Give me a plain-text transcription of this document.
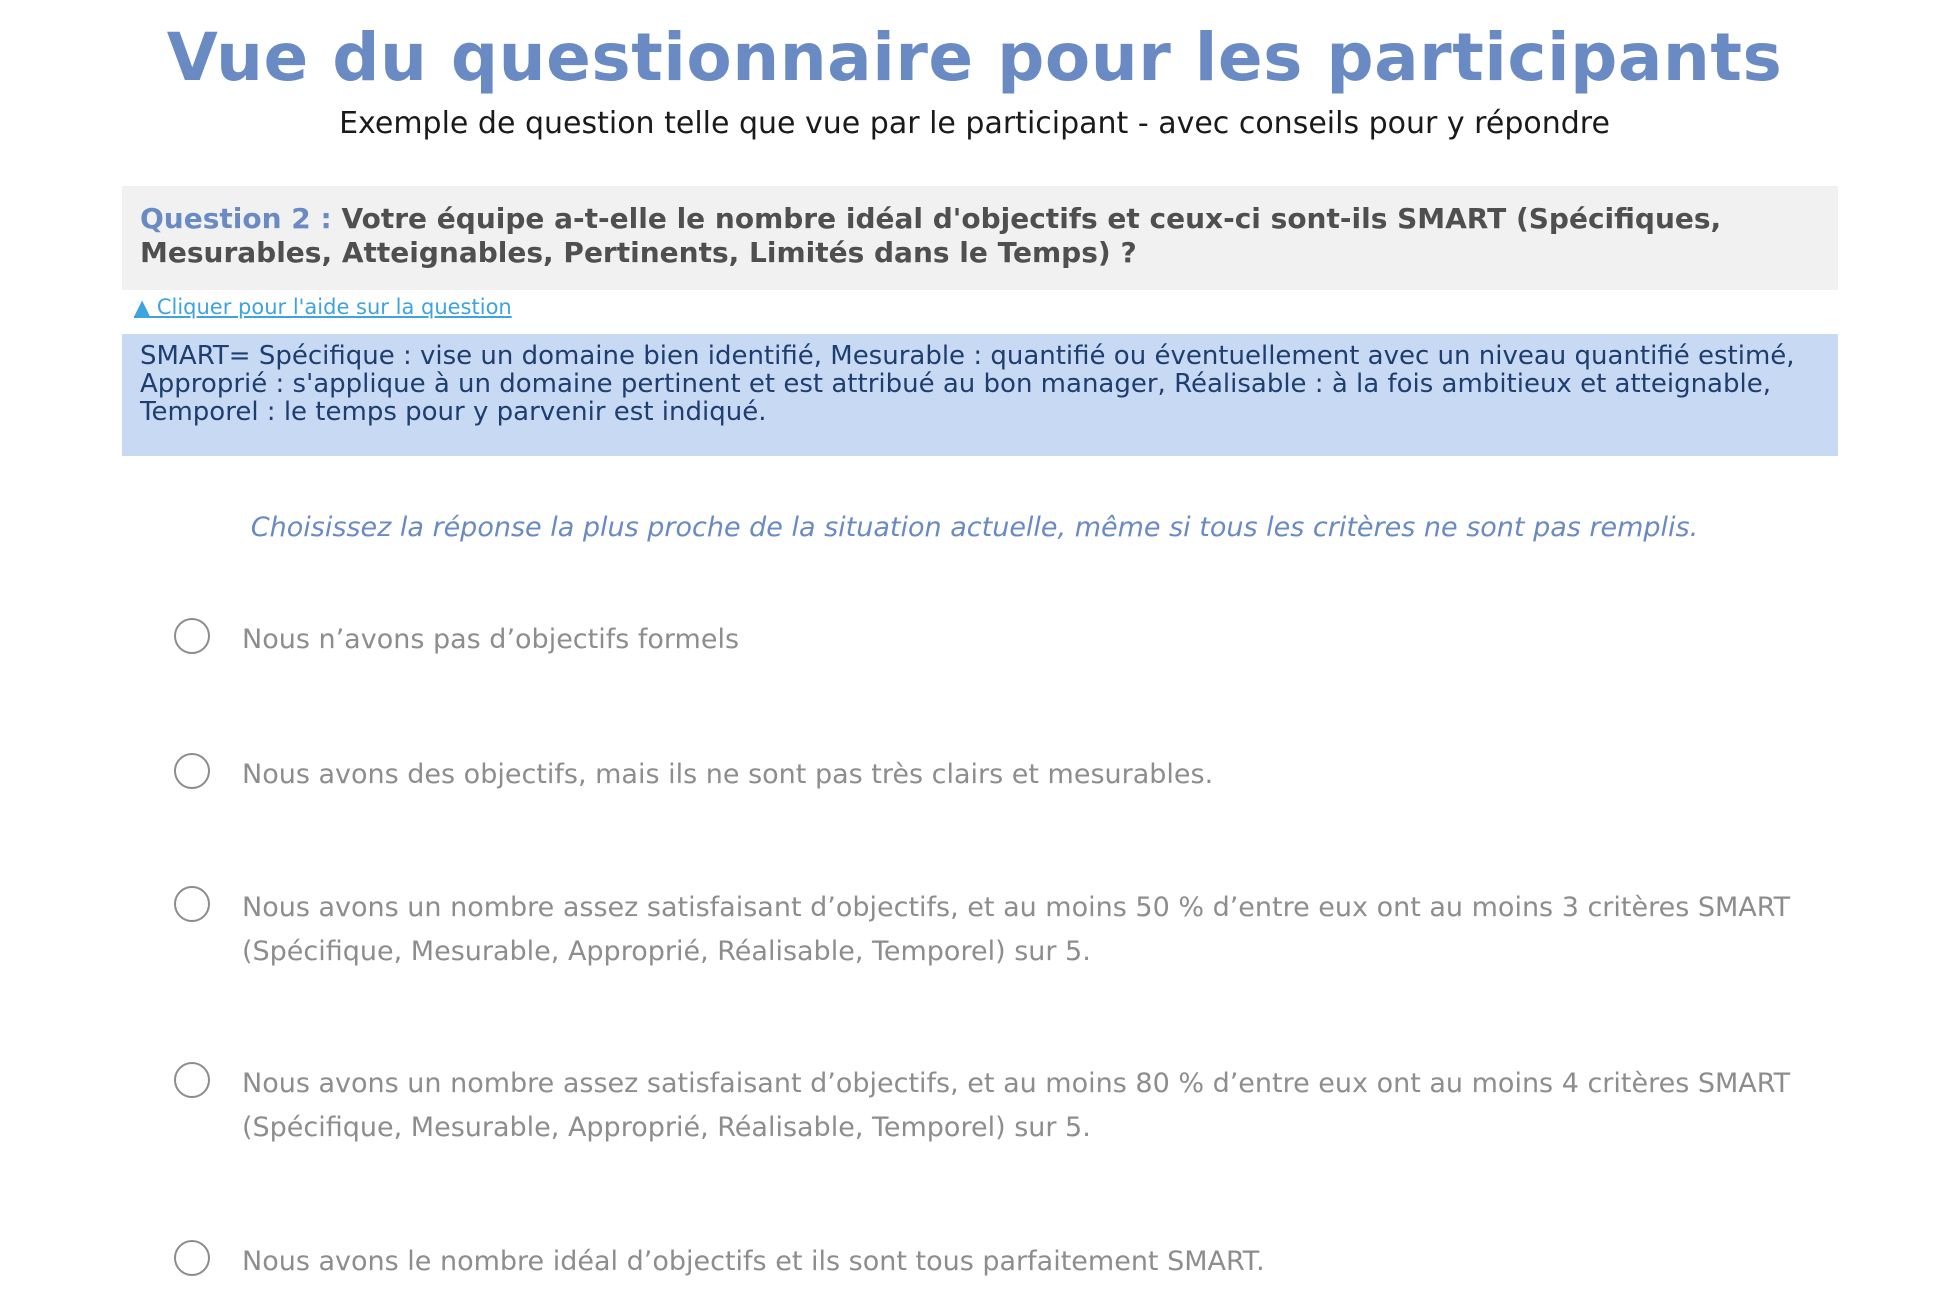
Vue du questionnaire pour les participants
Exemple de question telle que vue par le participant - avec conseils pour y répondre
Question 2 : Votre équipe a-t-elle le nombre idéal d'objectifs et ceux-ci sont-ils SMART (Spécifiques, Mesurables, Atteignables, Pertinents, Limités dans le Temps) ?
▲ Cliquer pour l'aide sur la question
SMART= Spécifique : vise un domaine bien identifié, Mesurable : quantifié ou éventuellement avec un niveau quantifié estimé, Approprié : s'applique à un domaine pertinent et est attribué au bon manager, Réalisable : à la fois ambitieux et atteignable, Temporel : le temps pour y parvenir est indiqué.
Choisissez la réponse la plus proche de la situation actuelle, même si tous les critères ne sont pas remplis.
Nous n’avons pas d’objectifs formels
Nous avons des objectifs, mais ils ne sont pas très clairs et mesurables.
Nous avons un nombre assez satisfaisant d’objectifs, et au moins 50 % d’entre eux ont au moins 3 critères SMART (Spécifique, Mesurable, Approprié, Réalisable, Temporel) sur 5.
Nous avons un nombre assez satisfaisant d’objectifs, et au moins 80 % d’entre eux ont au moins 4 critères SMART (Spécifique, Mesurable, Approprié, Réalisable, Temporel) sur 5.
Nous avons le nombre idéal d’objectifs et ils sont tous parfaitement SMART.
